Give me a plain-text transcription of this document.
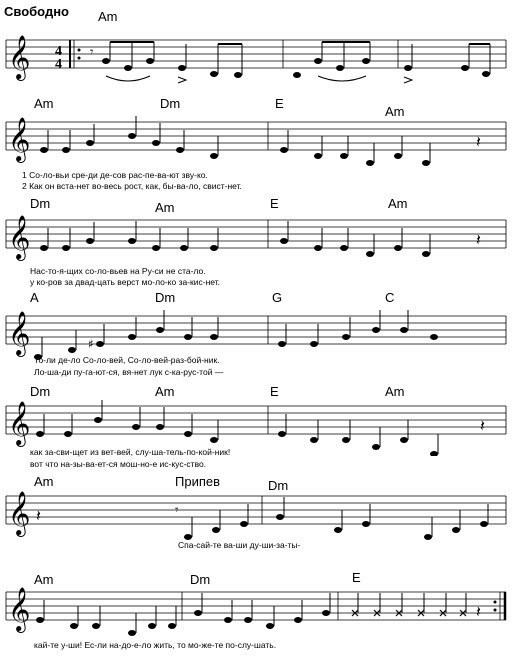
Свободно Am
𝄞 4
4
𝄾
Am	Dm	E
Am
𝄞	𝄽
1 Со-ло-вьи сре-ди де-сов рас-пе-ва-ют зву-ко.
2 Как он вста-нет во-весь рост, как, бы-ва-ло, свист-нет.
Dm	Am	E	Am
𝄞	𝄽
Нас-то-я-щих со-ло-вьев на Ру-си не ста-ло.
у ко-ров за двад-цать верст мо-ло-ко за-кис-нет.
A	Dm	G	C
𝄞	♯
То-ли де-ло Со-ло-вей, Со-ло-вей-раз-бой-ник.
Ло-ша-ди пу-га-ют-ся, вя-нет лук с-ка-рус-той —
Dm	Am	E	Am
𝄞	𝄽
как за-сви-щет из вет-вей, слу-ша-тель-по-кой-ник!
вот что на-зы-ва-ет-ся мош-но-е ис-кус-ство.
Am	Припев	Dm
𝄞 𝄽	𝄾
Спа-сай-те ва-ши ду-ши-за-ты-
Am	Dm	E
𝄞	𝄽
кай-те у-ши! Ес-ли на-до-е-ло жить, то мо-же-те по-слу-шать.
